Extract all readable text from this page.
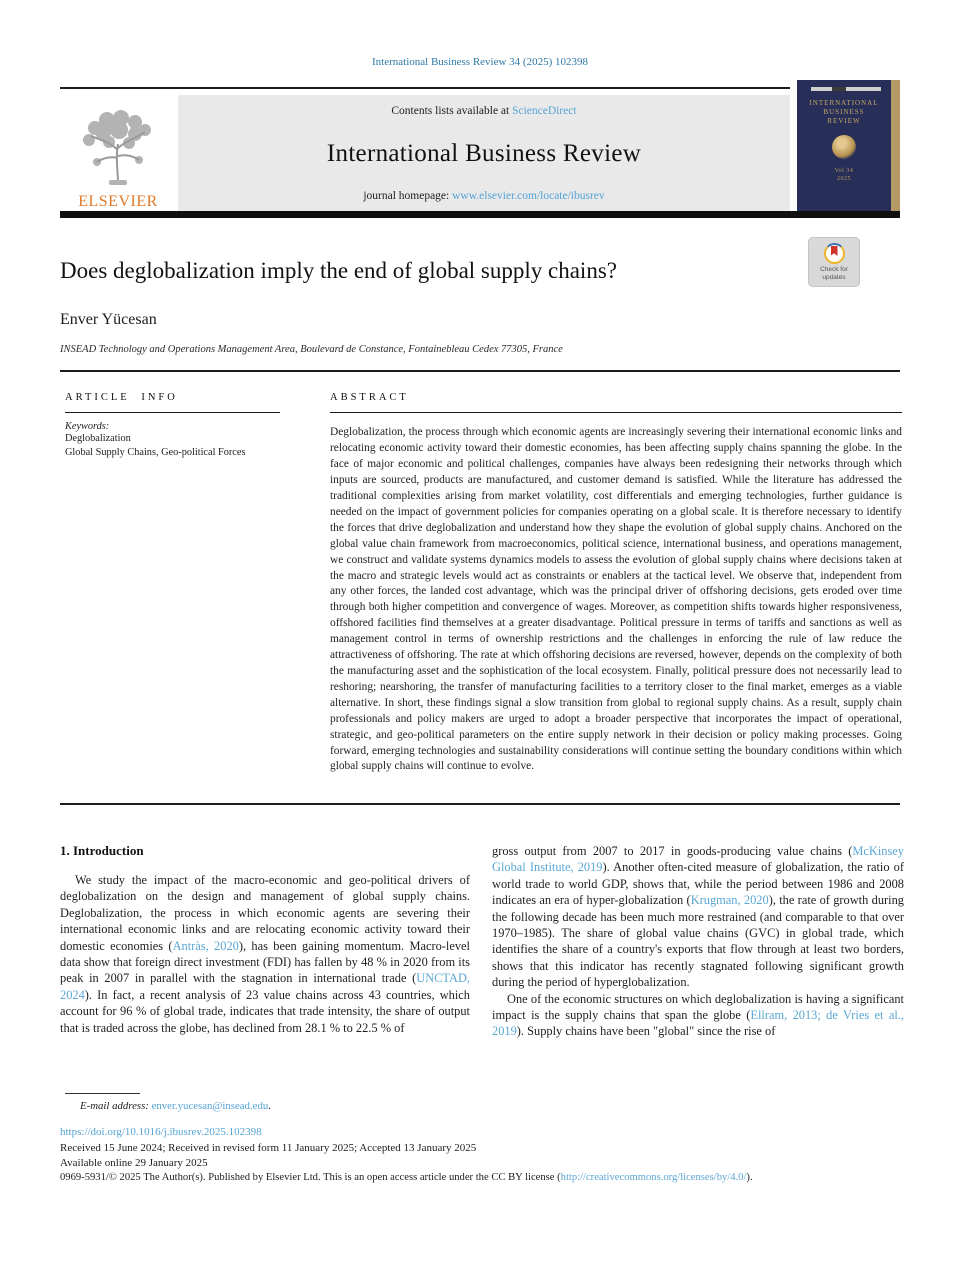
International Business Review 34 (2025) 102398
ELSEVIER
Contents lists available at ScienceDirect
International Business Review
journal homepage: www.elsevier.com/locate/ibusrev
INTERNATIONAL
BUSINESS
REVIEW
Vol 34
2025
Does deglobalization imply the end of global supply chains?	Check for
updates
Enver Yücesan
INSEAD Technology and Operations Management Area, Boulevard de Constance, Fontainebleau Cedex 77305, France
ARTICLE INFO
Keywords:
Deglobalization
Global Supply Chains, Geo-political Forces
ABSTRACT
Deglobalization, the process through which economic agents are increasingly severing their international economic links and relocating economic activity toward their domestic economies, has been affecting supply chains spanning the globe. In the face of major economic and political challenges, companies have always been redesigning their networks through which inputs are sourced, products are manufactured, and customer demand is satisfied. While the literature has addressed the traditional complexities arising from market volatility, cost differentials and emerging technologies, further guidance is needed on the impact of government policies for companies operating on a global scale. It is therefore necessary to identify the forces that drive deglobalization and understand how they shape the evolution of global supply chains. Anchored on the global value chain framework from macroeconomics, political science, international business, and operations management, we construct and validate systems dynamics models to assess the evolution of global supply chains where decisions taken at the macro and strategic levels would act as constraints or enablers at the tactical level. We observe that, independent from any other forces, the landed cost advantage, which was the principal driver of offshoring decisions, gets eroded over time through both higher competition and convergence of wages. Moreover, as competition shifts towards higher responsiveness, offshored facilities find themselves at a greater disadvantage. Political pressure in terms of tariffs and sanctions as well as management control in terms of ownership restrictions and the challenges in enforcing the rule of law reduce the attractiveness of offshoring. The rate at which offshoring decisions are reversed, however, depends on the complexity of both the manufacturing asset and the sophistication of the local ecosystem. Finally, political pressure does not necessarily lead to reshoring; nearshoring, the transfer of manufacturing facilities to a territory closer to the final market, emerges as a viable alternative. In short, these findings signal a slow transition from global to regional supply chains. As a result, supply chain professionals and policy makers are urged to adopt a broader perspective that incorporates the impact of operational, strategic, and geo-political parameters on the entire supply network in their decision or policy making processes. Going forward, emerging technologies and sustainability considerations will continue setting the boundary conditions within which global supply chains will continue to evolve.
1. Introduction

We study the impact of the macro-economic and geo-political drivers of deglobalization on the design and management of global supply chains. Deglobalization, the process in which economic agents are severing their international economic links and are relocating economic activity toward their domestic economies (Antràs, 2020), has been gaining momentum. Macro-level data show that foreign direct investment (FDI) has fallen by 48 % in 2020 from its peak in 2007 in parallel with the stagnation in international trade (UNCTAD, 2024). In fact, a recent analysis of 23 value chains across 43 countries, which account for 96 % of global trade, indicates that trade intensity, the share of output that is traded across the globe, has declined from 28.1 % to 22.5 % of

gross output from 2007 to 2017 in goods-producing value chains (McKinsey Global Institute, 2019). Another often-cited measure of globalization, the ratio of world trade to world GDP, shows that, while the period between 1986 and 2008 indicates an era of hyper-globalization (Krugman, 2020), the rate of growth during the following decade has been much more restrained (and comparable to that over 1970–1985). The share of global value chains (GVC) in global trade, which identifies the share of a country's exports that flow through at least two borders, shows that this indicator has recently stagnated following significant growth during the period of hyperglobalization.

One of the economic structures on which deglobalization is having a significant impact is the supply chains that span the globe (Ellram, 2013; de Vries et al., 2019). Supply chains have been "global" since the rise of

E-mail address: enver.yucesan@insead.edu.
https://doi.org/10.1016/j.ibusrev.2025.102398
Received 15 June 2024; Received in revised form 11 January 2025; Accepted 13 January 2025
Available online 29 January 2025
0969-5931/© 2025 The Author(s). Published by Elsevier Ltd. This is an open access article under the CC BY license (http://creativecommons.org/licenses/by/4.0/).
